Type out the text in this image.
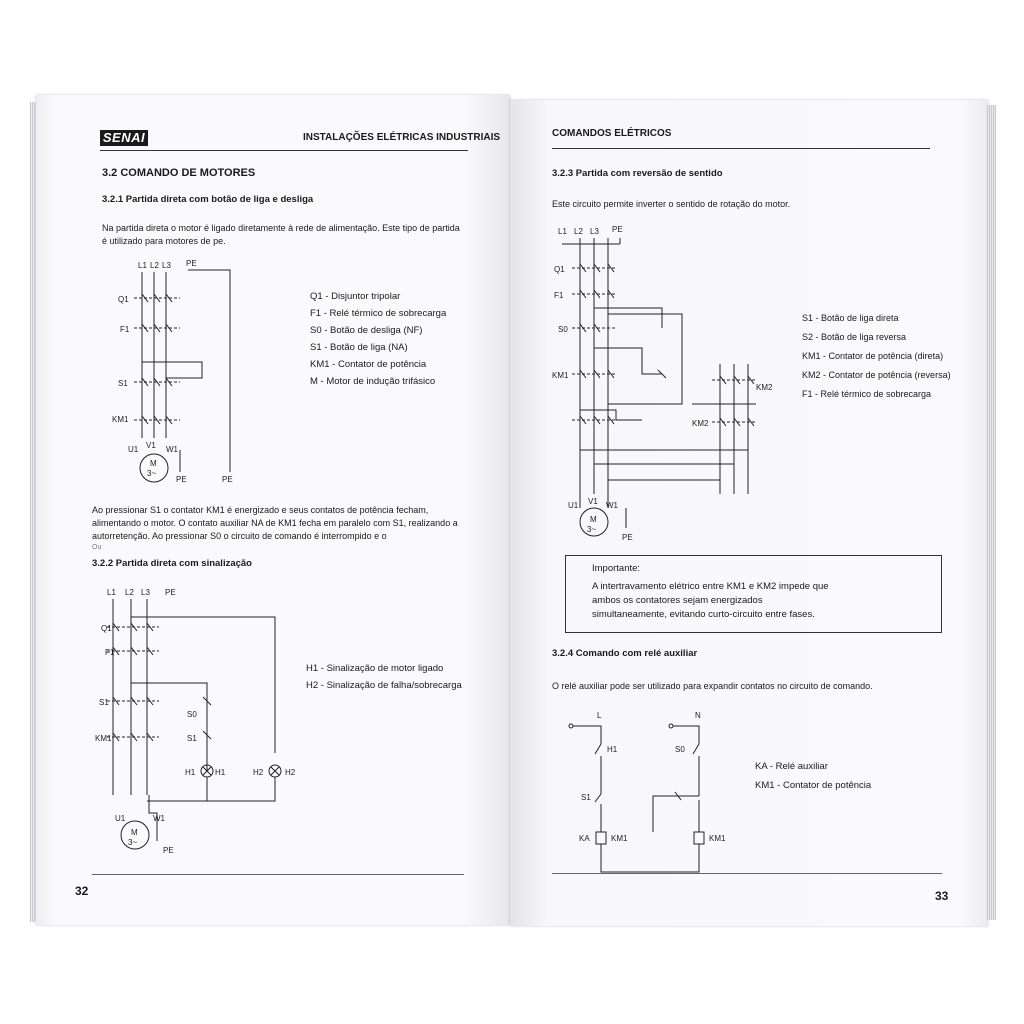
SENAI	INSTALAÇÕES ELÉTRICAS INDUSTRIAIS
3.2 COMANDO DE MOTORES
3.2.1 Partida direta com botão de liga e desliga
Na partida direta o motor é ligado diretamente à rede de alimentação. Este tipo de partida é utilizado para motores de pe.
L1 L2 L3 PE
Q1
F1
S1
KM1
U1 V1 W1
M
3~
PE	PE
Q1 - Disjuntor tripolar
F1 - Relé térmico de sobrecarga
S0 - Botão de desliga (NF)
S1 - Botão de liga (NA)
KM1 - Contator de potência
M - Motor de indução trifásico
Ao pressionar S1 o contator KM1 é energizado e seus contatos de potência fecham, alimentando o motor. O contato auxiliar NA de KM1 fecha em paralelo com S1, realizando a autorretenção. Ao pressionar S0 o circuito de comando é interrompido e o
Ou
3.2.2 Partida direta com sinalização
L1 L2 L3 PE
Q1
F1
S1
KM1
S0
S1
H1 H1	H2	H2
U1	W1
M
3~
PE
H1 - Sinalização de motor ligado
H2 - Sinalização de falha/sobrecarga
32
COMANDOS ELÉTRICOS
3.2.3 Partida com reversão de sentido
Este circuito permite inverter o sentido de rotação do motor.
L1 L2 L3 PE
Q1
F1
S0
KM1
KM2
KM2
U1 V1 W1
M
3~
PE
S1 - Botão de liga direta
S2 - Botão de liga reversa
KM1 - Contator de potência (direta)
KM2 - Contator de potência (reversa)
F1 - Relé térmico de sobrecarga
Importante:
A intertravamento elétrico entre KM1 e KM2 impede que
ambos os contatores sejam energizados
simultaneamente, evitando curto-circuito entre fases.
3.2.4 Comando com relé auxiliar
O relé auxiliar pode ser utilizado para expandir contatos no circuito de comando.
L	N
H1	S0
S1
KA	KM1	KM1
KA - Relé auxiliar
KM1 - Contator de potência
33
